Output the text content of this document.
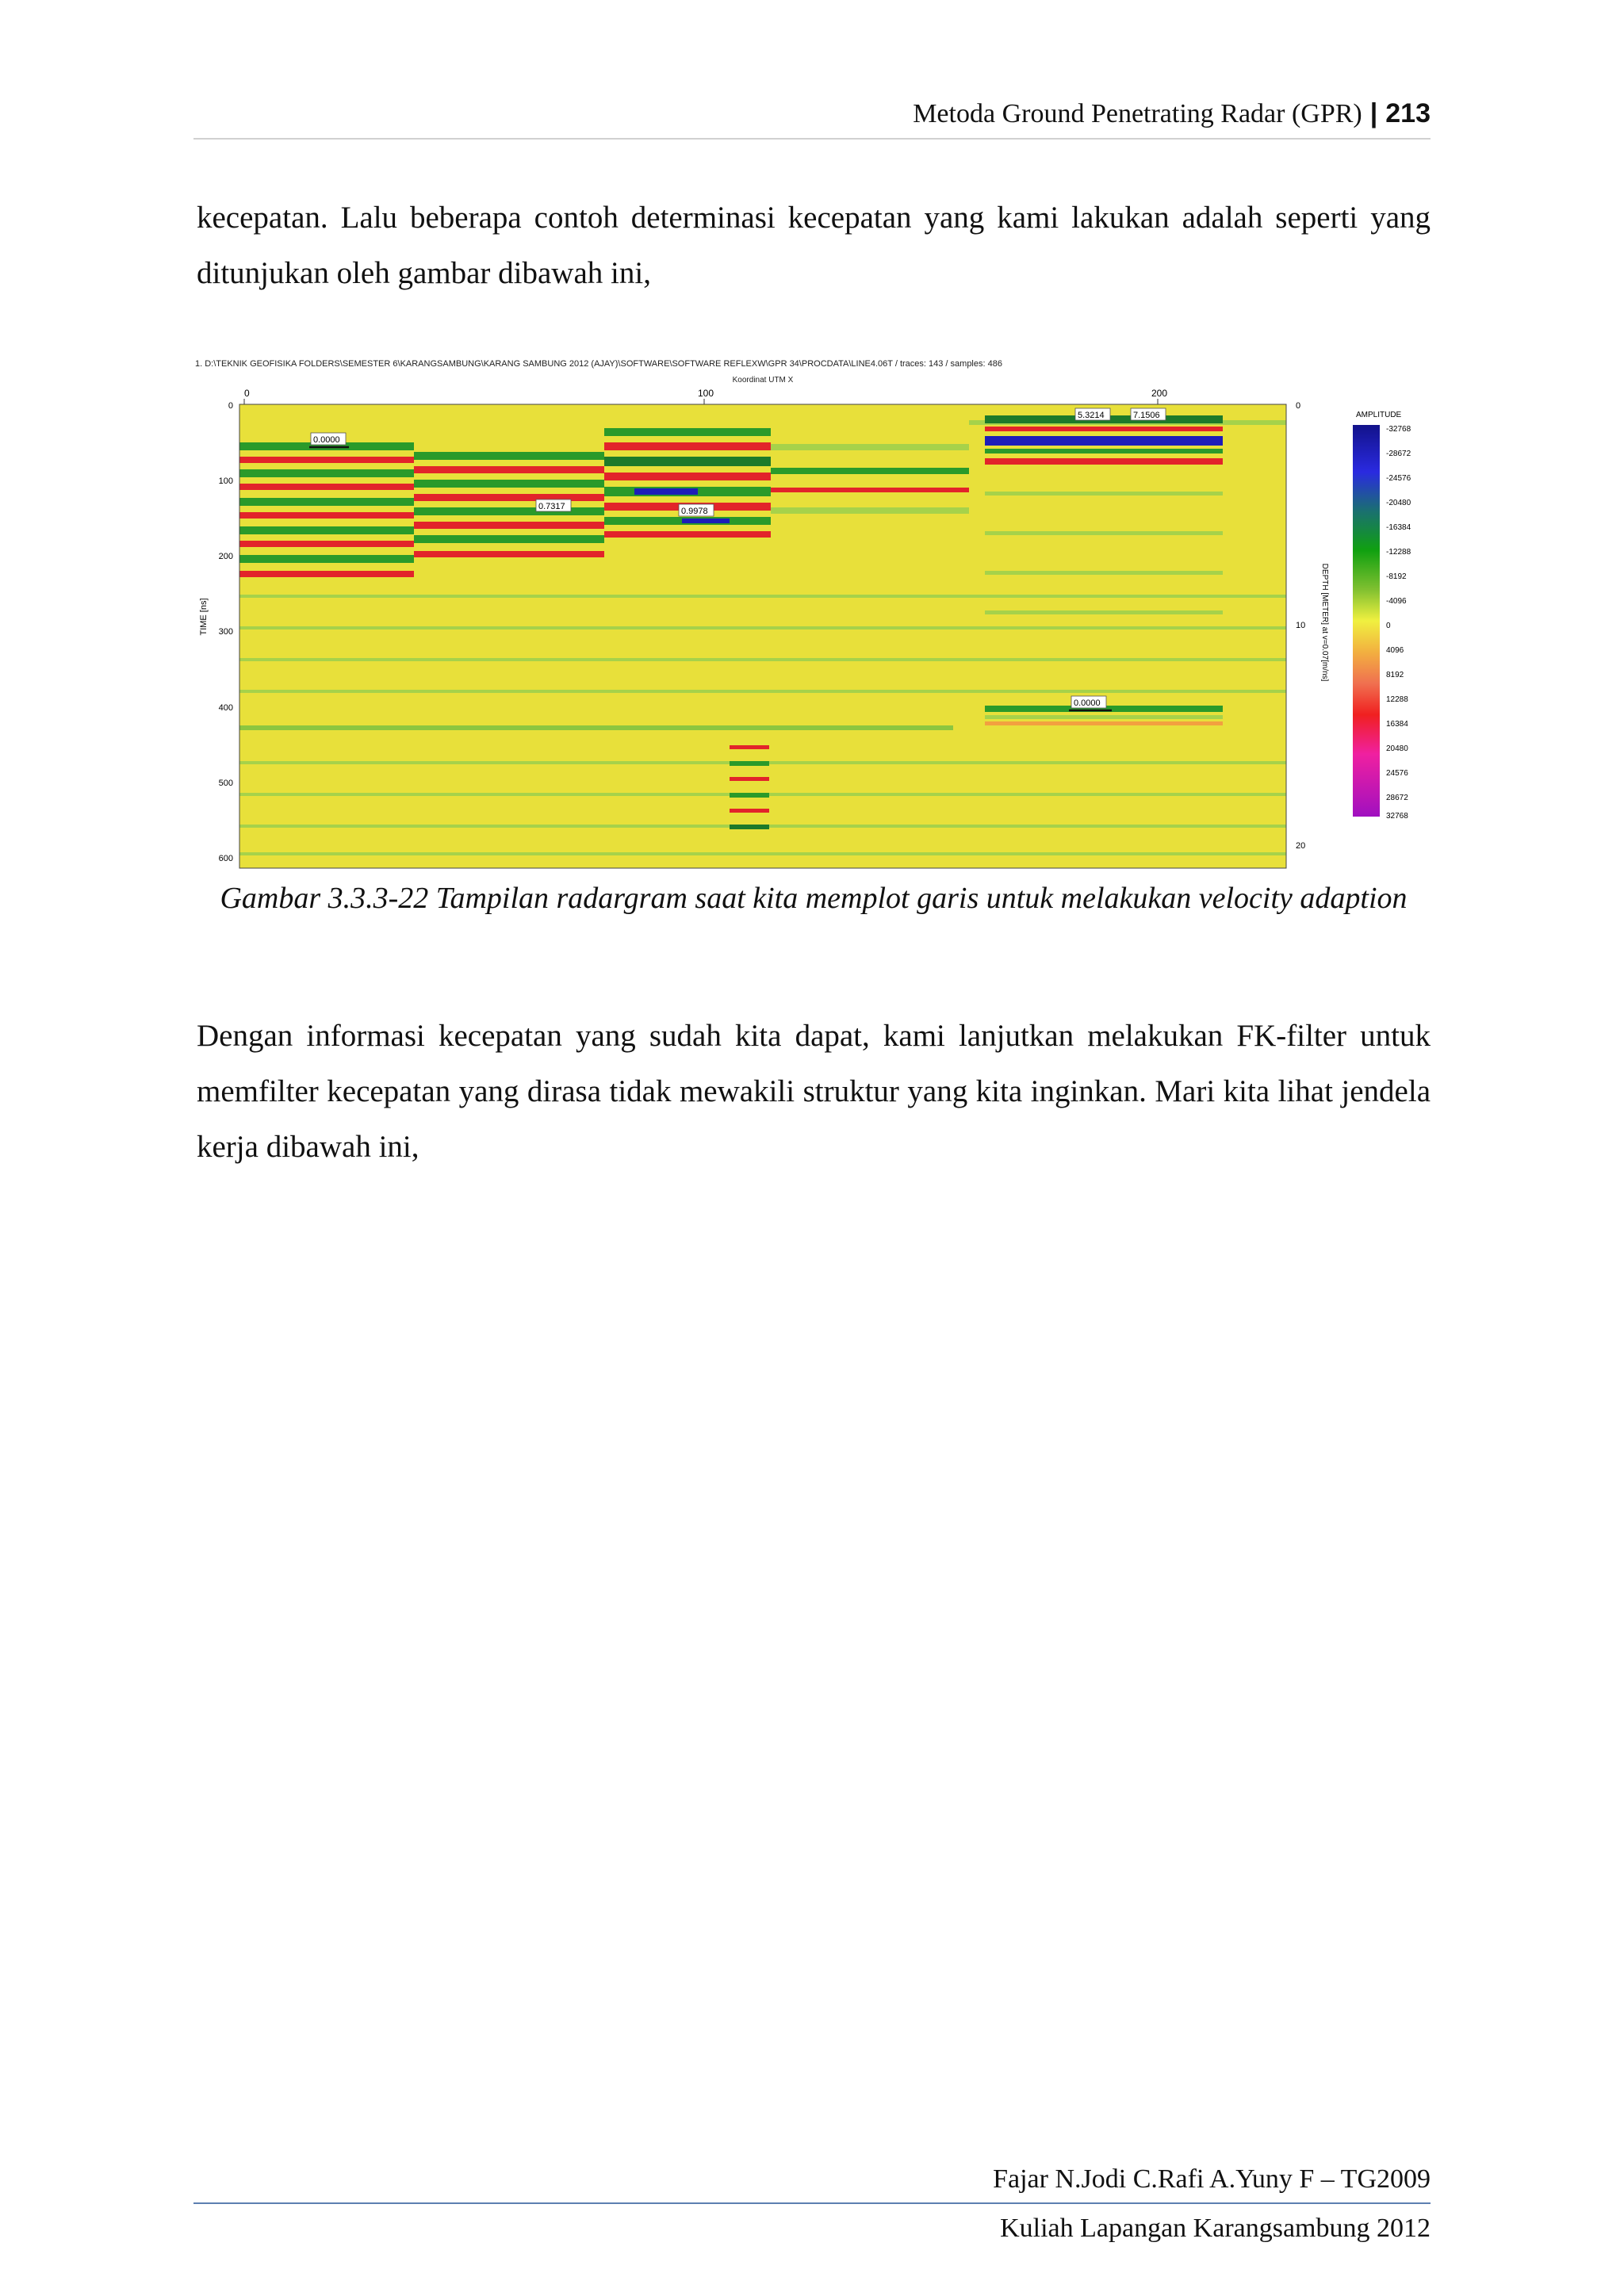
Metoda Ground Penetrating Radar (GPR) | 213

kecepatan. Lalu beberapa contoh determinasi kecepatan yang kami lakukan adalah seperti yang ditunjukan oleh gambar dibawah ini,

1. D:\TEKNIK GEOFISIKA FOLDERS\SEMESTER 6\KARANGSAMBUNG\KARANG SAMBUNG 2012 (AJAY)\SOFTWARE\SOFTWARE REFLEXW\GPR 34\PROCDATA\LINE4.06T / traces: 143 / samples: 486
Koordinat UTM X
0	100	200
TIME [ns]
0
100
200
300
400
500
600
0
10
20
DEPTH [METER] at v=0.07[m/ns]
0.0000
0.7317	0.9978
5.3214	7.1506
0.0000
AMPLITUDE
-32768
-28672
-24576
-20480
-16384
-12288
-8192
-4096
0
4096
8192
12288
16384
20480
24576
28672
32768
Gambar 3.3.3-22 Tampilan radargram saat kita memplot garis untuk melakukan velocity adaption

Dengan informasi kecepatan yang sudah kita dapat, kami lanjutkan melakukan FK-filter untuk memfilter kecepatan yang dirasa tidak mewakili struktur yang kita inginkan. Mari kita lihat jendela kerja dibawah ini,

Fajar N.Jodi C.Rafi A.Yuny F – TG2009
Kuliah Lapangan Karangsambung 2012
